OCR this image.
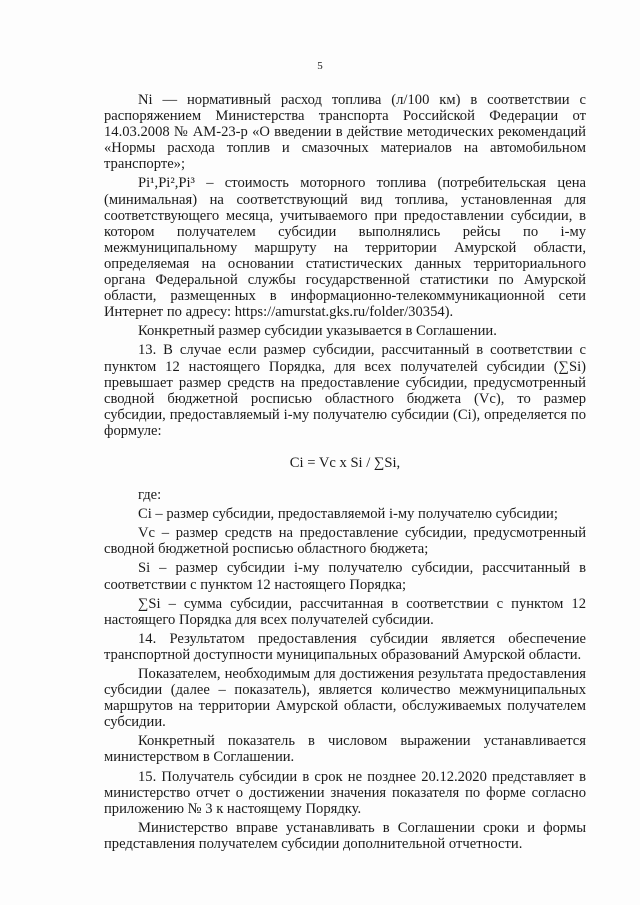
5

Ni — нормативный расход топлива (л/100 км) в соответствии с распоряжением Министерства транспорта Российской Федерации от 14.03.2008 № АМ-23-р «О введении в действие методических рекомендаций «Нормы расхода топлив и смазочных материалов на автомобильном транспорте»;

Pi¹,Pi²,Pi³ – стоимость моторного топлива (потребительская цена (минимальная) на соответствующий вид топлива, установленная для соответствующего месяца, учитываемого при предоставлении субсидии, в котором получателем субсидии выполнялись рейсы по i-му межмуниципальному маршруту на территории Амурской области, определяемая на основании статистических данных территориального органа Федеральной службы государственной статистики по Амурской области, размещенных в информационно-телекоммуникационной сети Интернет по адресу: https://amurstat.gks.ru/folder/30354).

Конкретный размер субсидии указывается в Соглашении.

13. В случае если размер субсидии, рассчитанный в соответствии с пунктом 12 настоящего Порядка, для всех получателей субсидии (∑Si) превышает размер средств на предоставление субсидии, предусмотренный сводной бюджетной росписью областного бюджета (Vc), то размер субсидии, предоставляемый i-му получателю субсидии (Ci), определяется по формуле:

Ci = Vc x Si / ∑Si,

где:

Ci – размер субсидии, предоставляемой i-му получателю субсидии;

Vc – размер средств на предоставление субсидии, предусмотренный сводной бюджетной росписью областного бюджета;

Si – размер субсидии i-му получателю субсидии, рассчитанный в соответствии с пунктом 12 настоящего Порядка;

∑Si – сумма субсидии, рассчитанная в соответствии с пунктом 12 настоящего Порядка для всех получателей субсидии.

14. Результатом предоставления субсидии является обеспечение транспортной доступности муниципальных образований Амурской области.

Показателем, необходимым для достижения результата предоставления субсидии (далее – показатель), является количество межмуниципальных маршрутов на территории Амурской области, обслуживаемых получателем субсидии.

Конкретный показатель в числовом выражении устанавливается министерством в Соглашении.

15. Получатель субсидии в срок не позднее 20.12.2020 представляет в министерство отчет о достижении значения показателя по форме согласно приложению № 3 к настоящему Порядку.

Министерство вправе устанавливать в Соглашении сроки и формы представления получателем субсидии дополнительной отчетности.
